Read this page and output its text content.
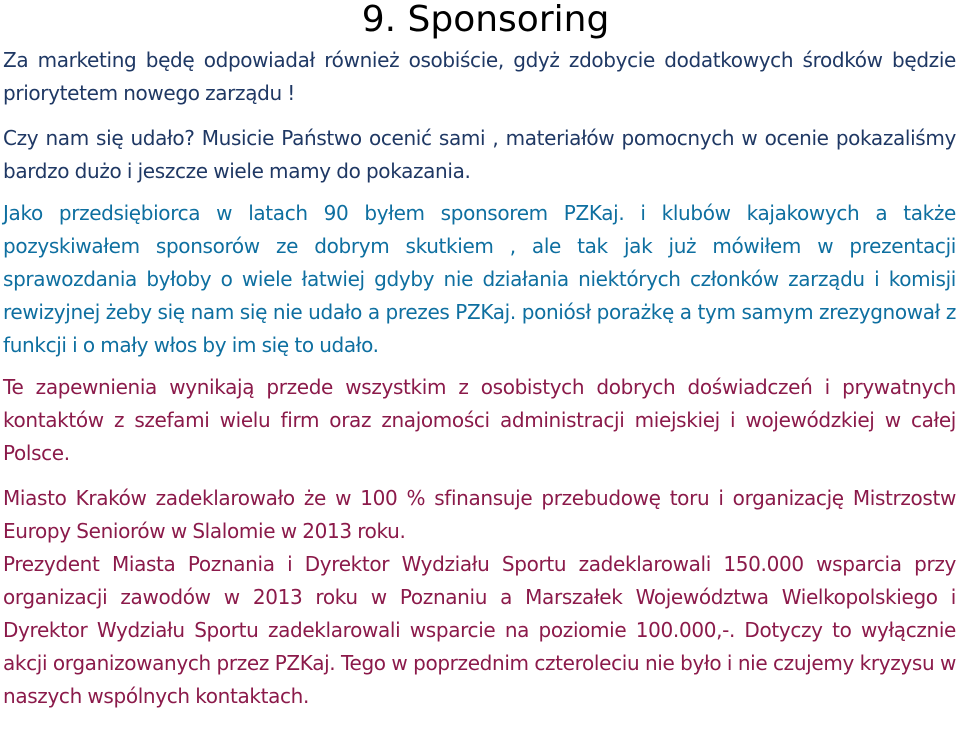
9. Sponsoring

Za marketing będę odpowiadał również osobiście, gdyż zdobycie dodatkowych środków będzie priorytetem nowego zarządu !

Czy nam się udało? Musicie Państwo ocenić sami , materiałów pomocnych w ocenie pokazaliśmy bardzo dużo i jeszcze wiele mamy do pokazania.

Jako przedsiębiorca w latach 90 byłem sponsorem PZKaj. i klubów kajakowych a także pozyskiwałem sponsorów ze dobrym skutkiem , ale tak jak już mówiłem w prezentacji sprawozdania byłoby o wiele łatwiej gdyby nie działania niektórych członków zarządu i komisji rewizyjnej żeby się nam się nie udało a prezes PZKaj. poniósł porażkę a tym samym zrezygnował z funkcji i o mały włos by im się to udało.

Te zapewnienia wynikają przede wszystkim z osobistych dobrych doświadczeń i prywatnych kontaktów z szefami wielu firm oraz znajomości administracji miejskiej i wojewódzkiej w całej Polsce.

Miasto Kraków zadeklarowało że w 100 % sfinansuje przebudowę toru i organizację Mistrzostw Europy Seniorów w Slalomie w 2013 roku.

Prezydent Miasta Poznania i Dyrektor Wydziału Sportu zadeklarowali 150.000 wsparcia przy organizacji zawodów w 2013 roku w Poznaniu a Marszałek Województwa Wielkopolskiego i Dyrektor Wydziału Sportu zadeklarowali wsparcie na poziomie 100.000,-. Dotyczy to wyłącznie akcji organizowanych przez PZKaj. Tego w poprzednim czteroleciu nie było i nie czujemy kryzysu w naszych wspólnych kontaktach.
